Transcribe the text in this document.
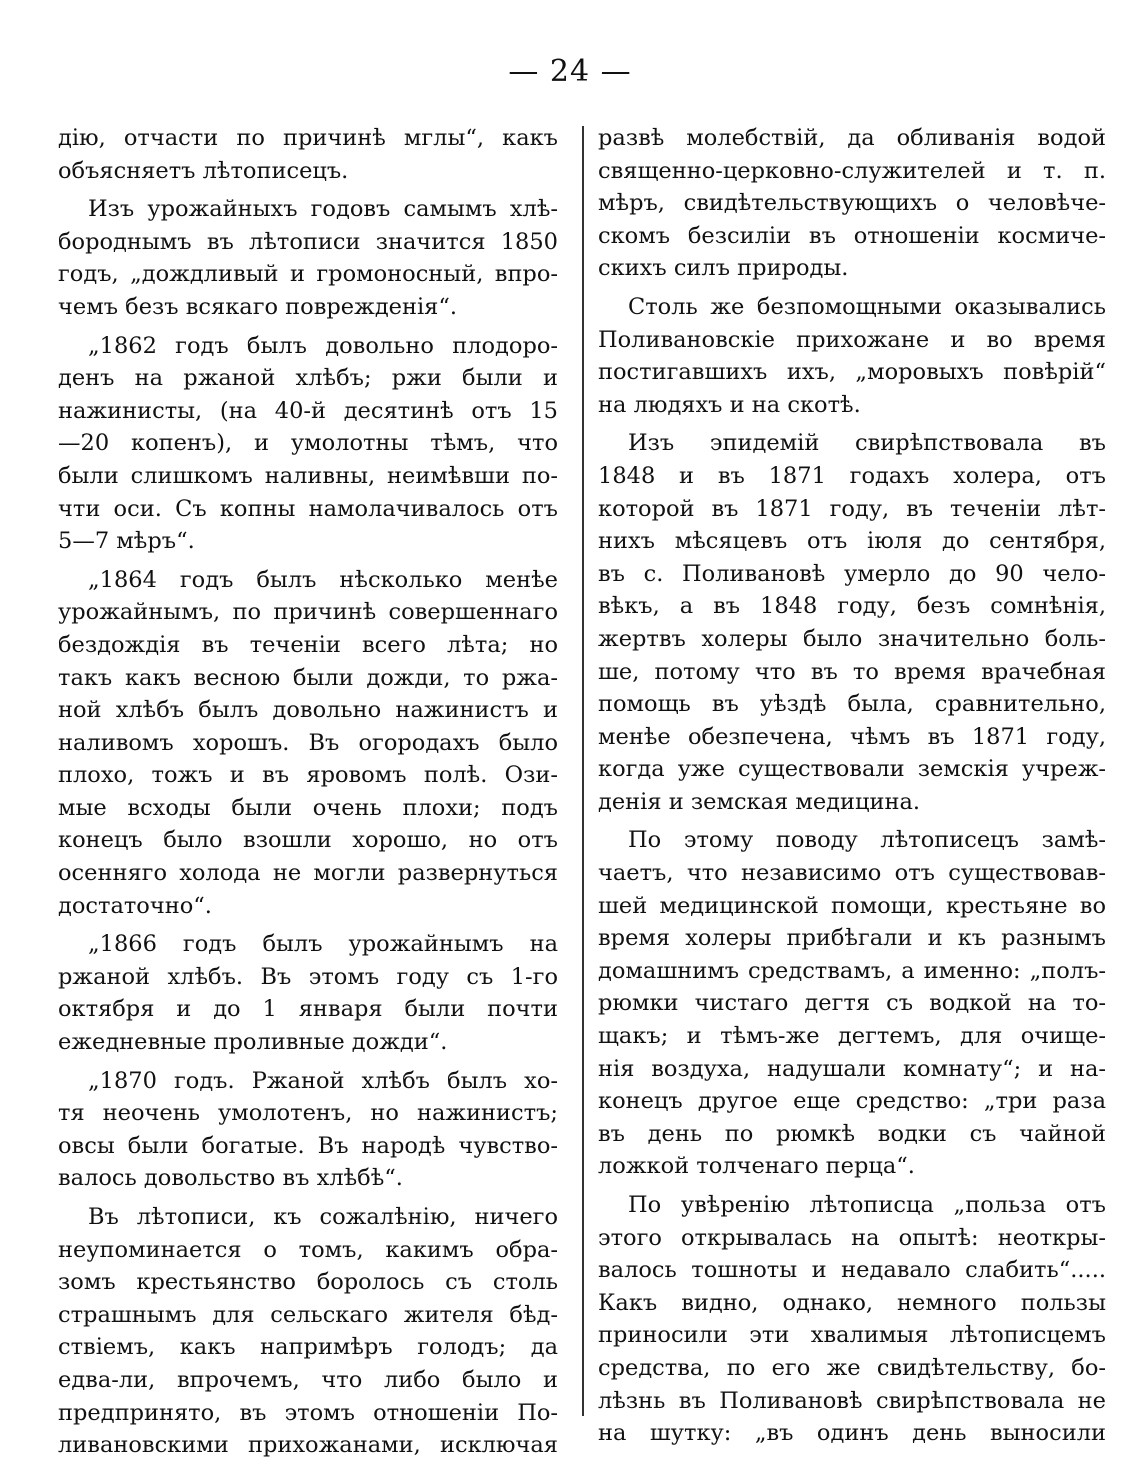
— 24 —
дію, отчасти по причинѣ мглы“, какъ
объясняетъ лѣтописецъ.
Изъ урожайныхъ годовъ самымъ хлѣ-
бороднымъ въ лѣтописи значится 1850
годъ, „дождливый и громоносный, впро-
чемъ безъ всякаго поврежденія“.
„1862 годъ былъ довольно плодоро-
денъ на ржаной хлѣбъ; ржи были и
нажинисты, (на 40-й десятинѣ отъ 15
—20 копенъ), и умолотны тѣмъ, что
были слишкомъ наливны, неимѣвши по-
чти оси. Съ копны намолачивалось отъ
5—7 мѣръ“.
„1864 годъ былъ нѣсколько менѣе
урожайнымъ, по причинѣ совершеннаго
бездождія въ теченіи всего лѣта; но
такъ какъ весною были дожди, то ржа-
ной хлѣбъ былъ довольно нажинистъ и
наливомъ хорошъ. Въ огородахъ было
плохо, тожъ и въ яровомъ полѣ. Ози-
мые всходы были очень плохи; подъ
конецъ было взошли хорошо, но отъ
осенняго холода не могли развернуться
достаточно“.
„1866 годъ былъ урожайнымъ на
ржаной хлѣбъ. Въ этомъ году съ 1-го
октября и до 1 января были почти
ежедневные проливные дожди“.
„1870 годъ. Ржаной хлѣбъ былъ хо-
тя неочень умолотенъ, но нажинистъ;
овсы были богатые. Въ народѣ чувство-
валось довольство въ хлѣбѣ“.
Въ лѣтописи, къ сожалѣнію, ничего
неупоминается о томъ, какимъ обра-
зомъ крестьянство боролось съ столь
страшнымъ для сельскаго жителя бѣд-
ствіемъ, какъ напримѣръ голодъ; да
едва-ли, впрочемъ, что либо было и
предпринято, въ этомъ отношеніи По-
ливановскими прихожанами, исключая
развѣ молебствій, да обливанія водой
священно-церковно-служителей и т. п.
мѣръ, свидѣтельствующихъ о человѣче-
скомъ безсиліи въ отношеніи космиче-
скихъ силъ природы.
Столь же безпомощными оказывались
Поливановскіе прихожане и во время
постигавшихъ ихъ, „моровыхъ повѣрій“
на людяхъ и на скотѣ.
Изъ эпидемій свирѣпствовала въ
1848 и въ 1871 годахъ холера, отъ
которой въ 1871 году, въ теченіи лѣт-
нихъ мѣсяцевъ отъ іюля до сентября,
въ с. Поливановѣ умерло до 90 чело-
вѣкъ, а въ 1848 году, безъ сомнѣнія,
жертвъ холеры было значительно боль-
ше, потому что въ то время врачебная
помощь въ уѣздѣ была, сравнительно,
менѣе обезпечена, чѣмъ въ 1871 году,
когда уже существовали земскія учреж-
денія и земская медицина.
По этому поводу лѣтописецъ замѣ-
чаетъ, что независимо отъ существовав-
шей медицинской помощи, крестьяне во
время холеры прибѣгали и къ разнымъ
домашнимъ средствамъ, а именно: „полъ-
рюмки чистаго дегтя съ водкой на то-
щакъ; и тѣмъ-же дегтемъ, для очище-
нія воздуха, надушали комнату“; и на-
конецъ другое еще средство: „три раза
въ день по рюмкѣ водки съ чайной
ложкой толченаго перца“.
По увѣренію лѣтописца „польза отъ
этого открывалась на опытѣ: неоткры-
валось тошноты и недавало слабить“.....
Какъ видно, однако, немного пользы
приносили эти хвалимыя лѣтописцемъ
средства, по его же свидѣтельству, бо-
лѣзнь въ Поливановѣ свирѣпствовала не
на шутку: „въ одинъ день выносили
